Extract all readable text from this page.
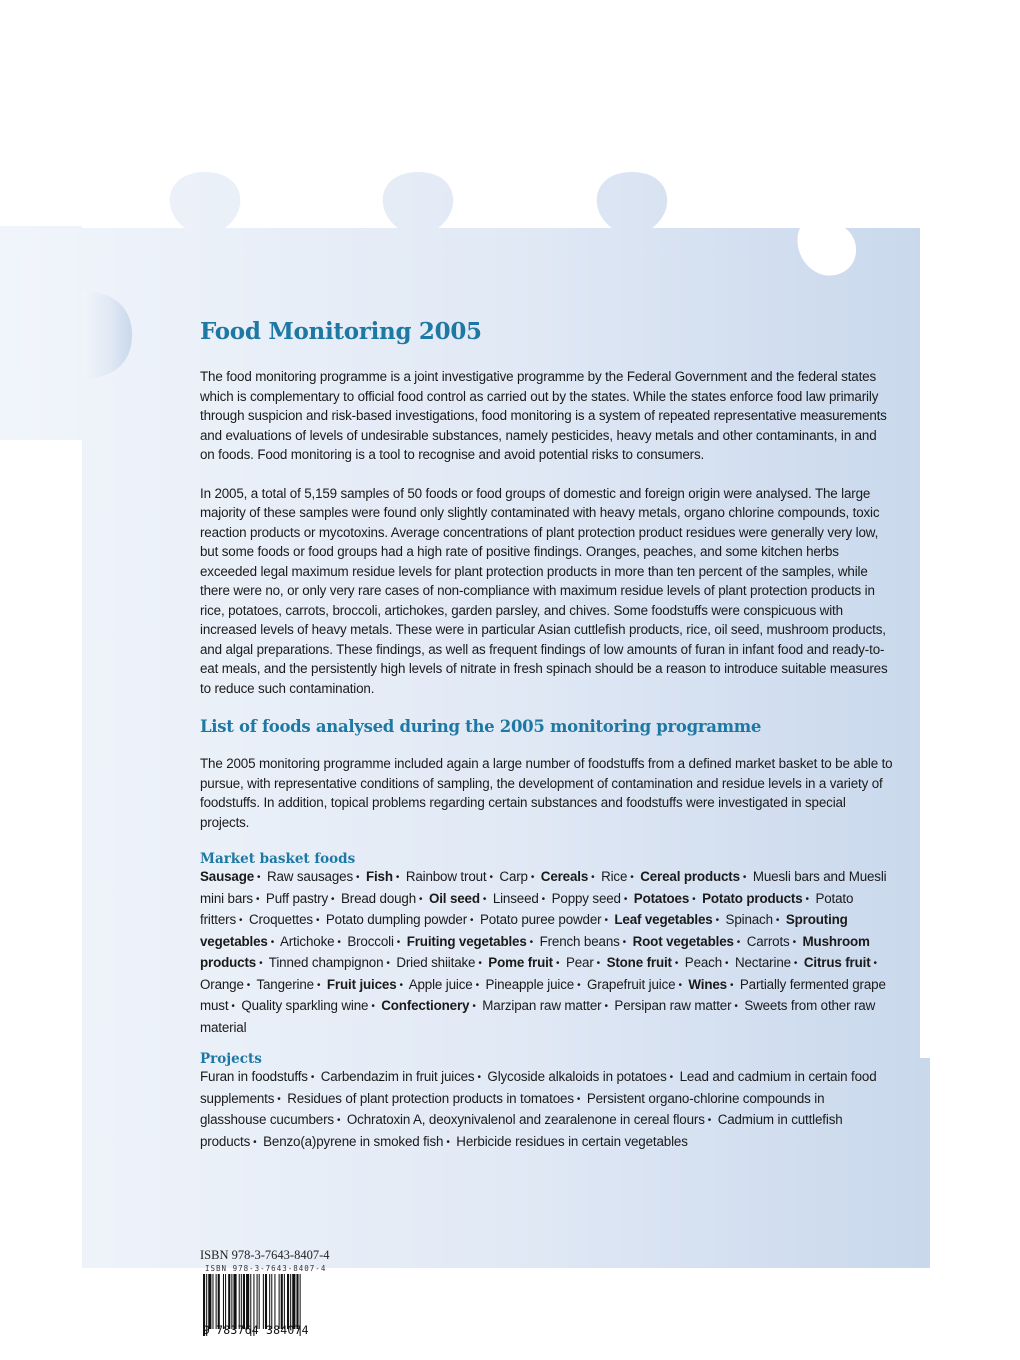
Food Monitoring 2005

The food monitoring programme is a joint investigative programme by the Federal Government and the federal states which is complementary to official food control as carried out by the states. While the states enforce food law primarily through suspicion and risk-based investigations, food monitoring is a system of repeated representative measurements and evaluations of levels of undesirable substances, namely pesticides, heavy metals and other contaminants, in and on foods. Food monitoring is a tool to recognise and avoid potential risks to consumers.

In 2005, a total of 5,159 samples of 50 foods or food groups of domestic and foreign origin were analysed. The large majority of these samples were found only slightly contaminated with heavy metals, organo chlorine compounds, toxic reaction products or mycotoxins. Average concentrations of plant protection product residues were generally very low, but some foods or food groups had a high rate of positive findings. Oranges, peaches, and some kitchen herbs exceeded legal maximum residue levels for plant protection products in more than ten percent of the samples, while there were no, or only very rare cases of non-compliance with maximum residue levels of plant protection products in rice, potatoes, carrots, broccoli, artichokes, garden parsley, and chives. Some foodstuffs were conspicuous with increased levels of heavy metals. These were in particular Asian cuttlefish products, rice, oil seed, mushroom products, and algal preparations. These findings, as well as frequent findings of low amounts of furan in infant food and ready-to-eat meals, and the persistently high levels of nitrate in fresh spinach should be a reason to introduce suitable measures to reduce such contamination.

List of foods analysed during the 2005 monitoring programme

The 2005 monitoring programme included again a large number of foodstuffs from a defined market basket to be able to pursue, with representative conditions of sampling, the development of contamination and residue levels in a variety of foodstuffs. In addition, topical problems regarding certain substances and foodstuffs were investigated in special projects.

Market basket foods
Sausage • Raw sausages • Fish • Rainbow trout • Carp • Cereals • Rice • Cereal products • Muesli bars and Muesli mini bars • Puff pastry • Bread dough • Oil seed • Linseed • Poppy seed • Potatoes • Potato products • Potato fritters • Croquettes • Potato dumpling powder • Potato puree powder • Leaf vegetables • Spinach • Sprouting vegetables • Artichoke • Broccoli • Fruiting vegetables • French beans • Root vegetables • Carrots • Mushroom products • Tinned champignon • Dried shiitake • Pome fruit • Pear • Stone fruit • Peach • Nectarine • Citrus fruit • Orange • Tangerine • Fruit juices • Apple juice • Pineapple juice • Grapefruit juice • Wines • Partially fermented grape must • Quality sparkling wine • Confectionery • Marzipan raw matter • Persipan raw matter • Sweets from other raw material
Projects
Furan in foodstuffs • Carbendazim in fruit juices • Glycoside alkaloids in potatoes • Lead and cadmium in certain food supplements • Residues of plant protection products in tomatoes • Persistent organo-chlorine compounds in glasshouse cucumbers • Ochratoxin A, deoxynivalenol and zearalenone in cereal flours • Cadmium in cuttlefish products • Benzo(a)pyrene in smoked fish • Herbicide residues in certain vegetables
ISBN 978-3-7643-8407-4
ISBN 978-3-7643-8407-4
9 783764 384074
